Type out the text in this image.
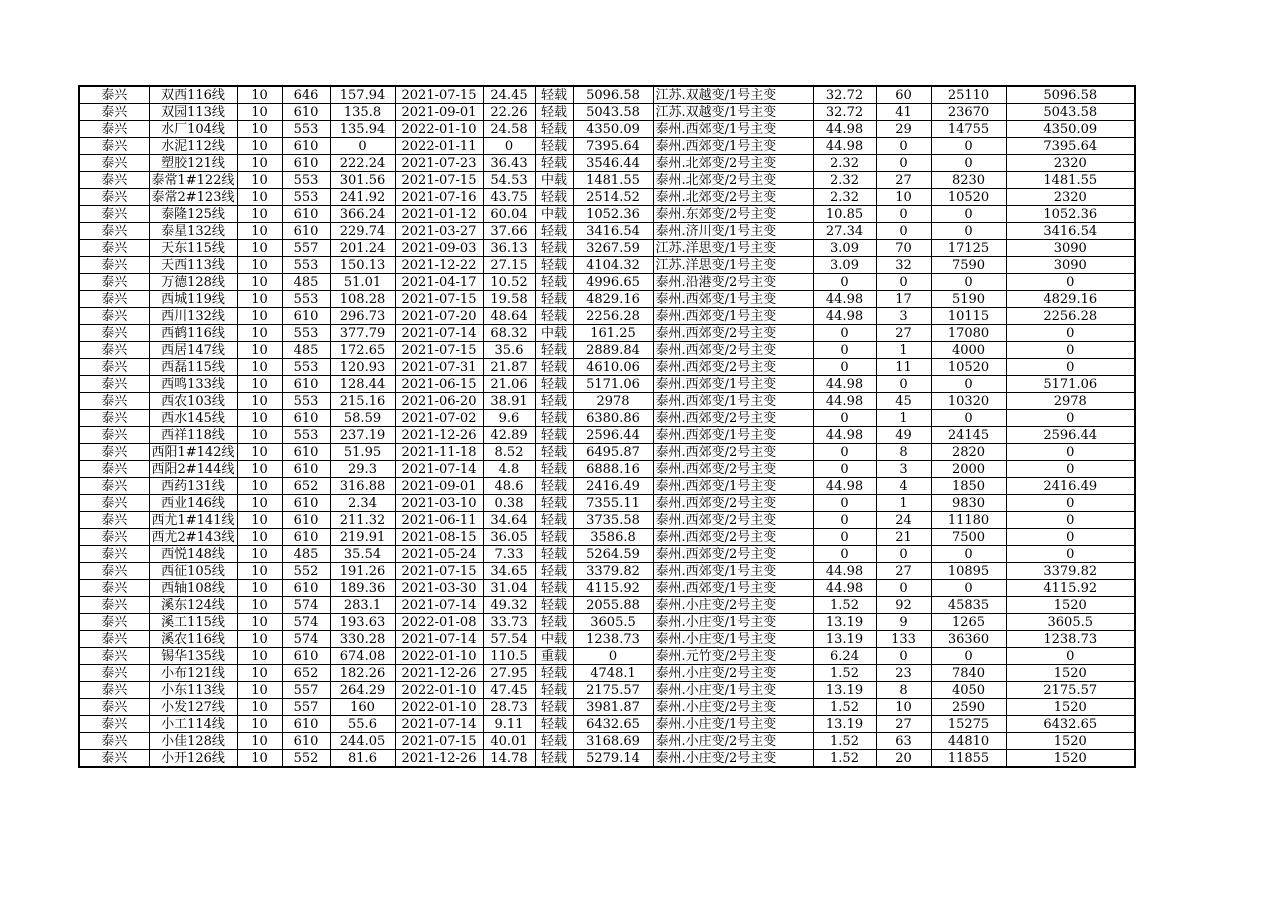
泰兴	双西116线	10	646	157.94	2021-07-15	24.45	轻载	5096.58	江苏.双越变/1号主变	32.72	60	25110	5096.58
泰兴	双园113线	10	610	135.8	2021-09-01	22.26	轻载	5043.58	江苏.双越变/1号主变	32.72	41	23670	5043.58
泰兴	水厂104线	10	553	135.94	2022-01-10	24.58	轻载	4350.09	泰州.西郊变/1号主变	44.98	29	14755	4350.09
泰兴	水泥112线	10	610	0	2022-01-11	0	轻载	7395.64	泰州.西郊变/1号主变	44.98	0	0	7395.64
泰兴	塑胶121线	10	610	222.24	2021-07-23	36.43	轻载	3546.44	泰州.北郊变/2号主变	2.32	0	0	2320
泰兴	泰常1#122线	10	553	301.56	2021-07-15	54.53	中载	1481.55	泰州.北郊变/2号主变	2.32	27	8230	1481.55
泰兴	泰常2#123线	10	553	241.92	2021-07-16	43.75	轻载	2514.52	泰州.北郊变/2号主变	2.32	10	10520	2320
泰兴	泰隆125线	10	610	366.24	2021-01-12	60.04	中载	1052.36	泰州.东郊变/2号主变	10.85	0	0	1052.36
泰兴	泰星132线	10	610	229.74	2021-03-27	37.66	轻载	3416.54	泰州.济川变/1号主变	27.34	0	0	3416.54
泰兴	天东115线	10	557	201.24	2021-09-03	36.13	轻载	3267.59	江苏.洋思变/1号主变	3.09	70	17125	3090
泰兴	天西113线	10	553	150.13	2021-12-22	27.15	轻载	4104.32	江苏.洋思变/1号主变	3.09	32	7590	3090
泰兴	万德128线	10	485	51.01	2021-04-17	10.52	轻载	4996.65	泰州.沿港变/2号主变	0	0	0	0
泰兴	西城119线	10	553	108.28	2021-07-15	19.58	轻载	4829.16	泰州.西郊变/1号主变	44.98	17	5190	4829.16
泰兴	西川132线	10	610	296.73	2021-07-20	48.64	轻载	2256.28	泰州.西郊变/1号主变	44.98	3	10115	2256.28
泰兴	西鹤116线	10	553	377.79	2021-07-14	68.32	中载	161.25	泰州.西郊变/2号主变	0	27	17080	0
泰兴	西居147线	10	485	172.65	2021-07-15	35.6	轻载	2889.84	泰州.西郊变/2号主变	0	1	4000	0
泰兴	西磊115线	10	553	120.93	2021-07-31	21.87	轻载	4610.06	泰州.西郊变/2号主变	0	11	10520	0
泰兴	西鸣133线	10	610	128.44	2021-06-15	21.06	轻载	5171.06	泰州.西郊变/1号主变	44.98	0	0	5171.06
泰兴	西农103线	10	553	215.16	2021-06-20	38.91	轻载	2978	泰州.西郊变/1号主变	44.98	45	10320	2978
泰兴	西水145线	10	610	58.59	2021-07-02	9.6	轻载	6380.86	泰州.西郊变/2号主变	0	1	0	0
泰兴	西祥118线	10	553	237.19	2021-12-26	42.89	轻载	2596.44	泰州.西郊变/1号主变	44.98	49	24145	2596.44
泰兴	西阳1#142线	10	610	51.95	2021-11-18	8.52	轻载	6495.87	泰州.西郊变/2号主变	0	8	2820	0
泰兴	西阳2#144线	10	610	29.3	2021-07-14	4.8	轻载	6888.16	泰州.西郊变/2号主变	0	3	2000	0
泰兴	西药131线	10	652	316.88	2021-09-01	48.6	轻载	2416.49	泰州.西郊变/1号主变	44.98	4	1850	2416.49
泰兴	西业146线	10	610	2.34	2021-03-10	0.38	轻载	7355.11	泰州.西郊变/2号主变	0	1	9830	0
泰兴	西尤1#141线	10	610	211.32	2021-06-11	34.64	轻载	3735.58	泰州.西郊变/2号主变	0	24	11180	0
泰兴	西尤2#143线	10	610	219.91	2021-08-15	36.05	轻载	3586.8	泰州.西郊变/2号主变	0	21	7500	0
泰兴	西悦148线	10	485	35.54	2021-05-24	7.33	轻载	5264.59	泰州.西郊变/2号主变	0	0	0	0
泰兴	西征105线	10	552	191.26	2021-07-15	34.65	轻载	3379.82	泰州.西郊变/1号主变	44.98	27	10895	3379.82
泰兴	西轴108线	10	610	189.36	2021-03-30	31.04	轻载	4115.92	泰州.西郊变/1号主变	44.98	0	0	4115.92
泰兴	溪东124线	10	574	283.1	2021-07-14	49.32	轻载	2055.88	泰州.小庄变/2号主变	1.52	92	45835	1520
泰兴	溪工115线	10	574	193.63	2022-01-08	33.73	轻载	3605.5	泰州.小庄变/1号主变	13.19	9	1265	3605.5
泰兴	溪农116线	10	574	330.28	2021-07-14	57.54	中载	1238.73	泰州.小庄变/1号主变	13.19	133	36360	1238.73
泰兴	锡华135线	10	610	674.08	2022-01-10	110.5	重载	0	泰州.元竹变/2号主变	6.24	0	0	0
泰兴	小布121线	10	652	182.26	2021-12-26	27.95	轻载	4748.1	泰州.小庄变/2号主变	1.52	23	7840	1520
泰兴	小东113线	10	557	264.29	2022-01-10	47.45	轻载	2175.57	泰州.小庄变/1号主变	13.19	8	4050	2175.57
泰兴	小发127线	10	557	160	2022-01-10	28.73	轻载	3981.87	泰州.小庄变/2号主变	1.52	10	2590	1520
泰兴	小工114线	10	610	55.6	2021-07-14	9.11	轻载	6432.65	泰州.小庄变/1号主变	13.19	27	15275	6432.65
泰兴	小佳128线	10	610	244.05	2021-07-15	40.01	轻载	3168.69	泰州.小庄变/2号主变	1.52	63	44810	1520
泰兴	小开126线	10	552	81.6	2021-12-26	14.78	轻载	5279.14	泰州.小庄变/2号主变	1.52	20	11855	1520
